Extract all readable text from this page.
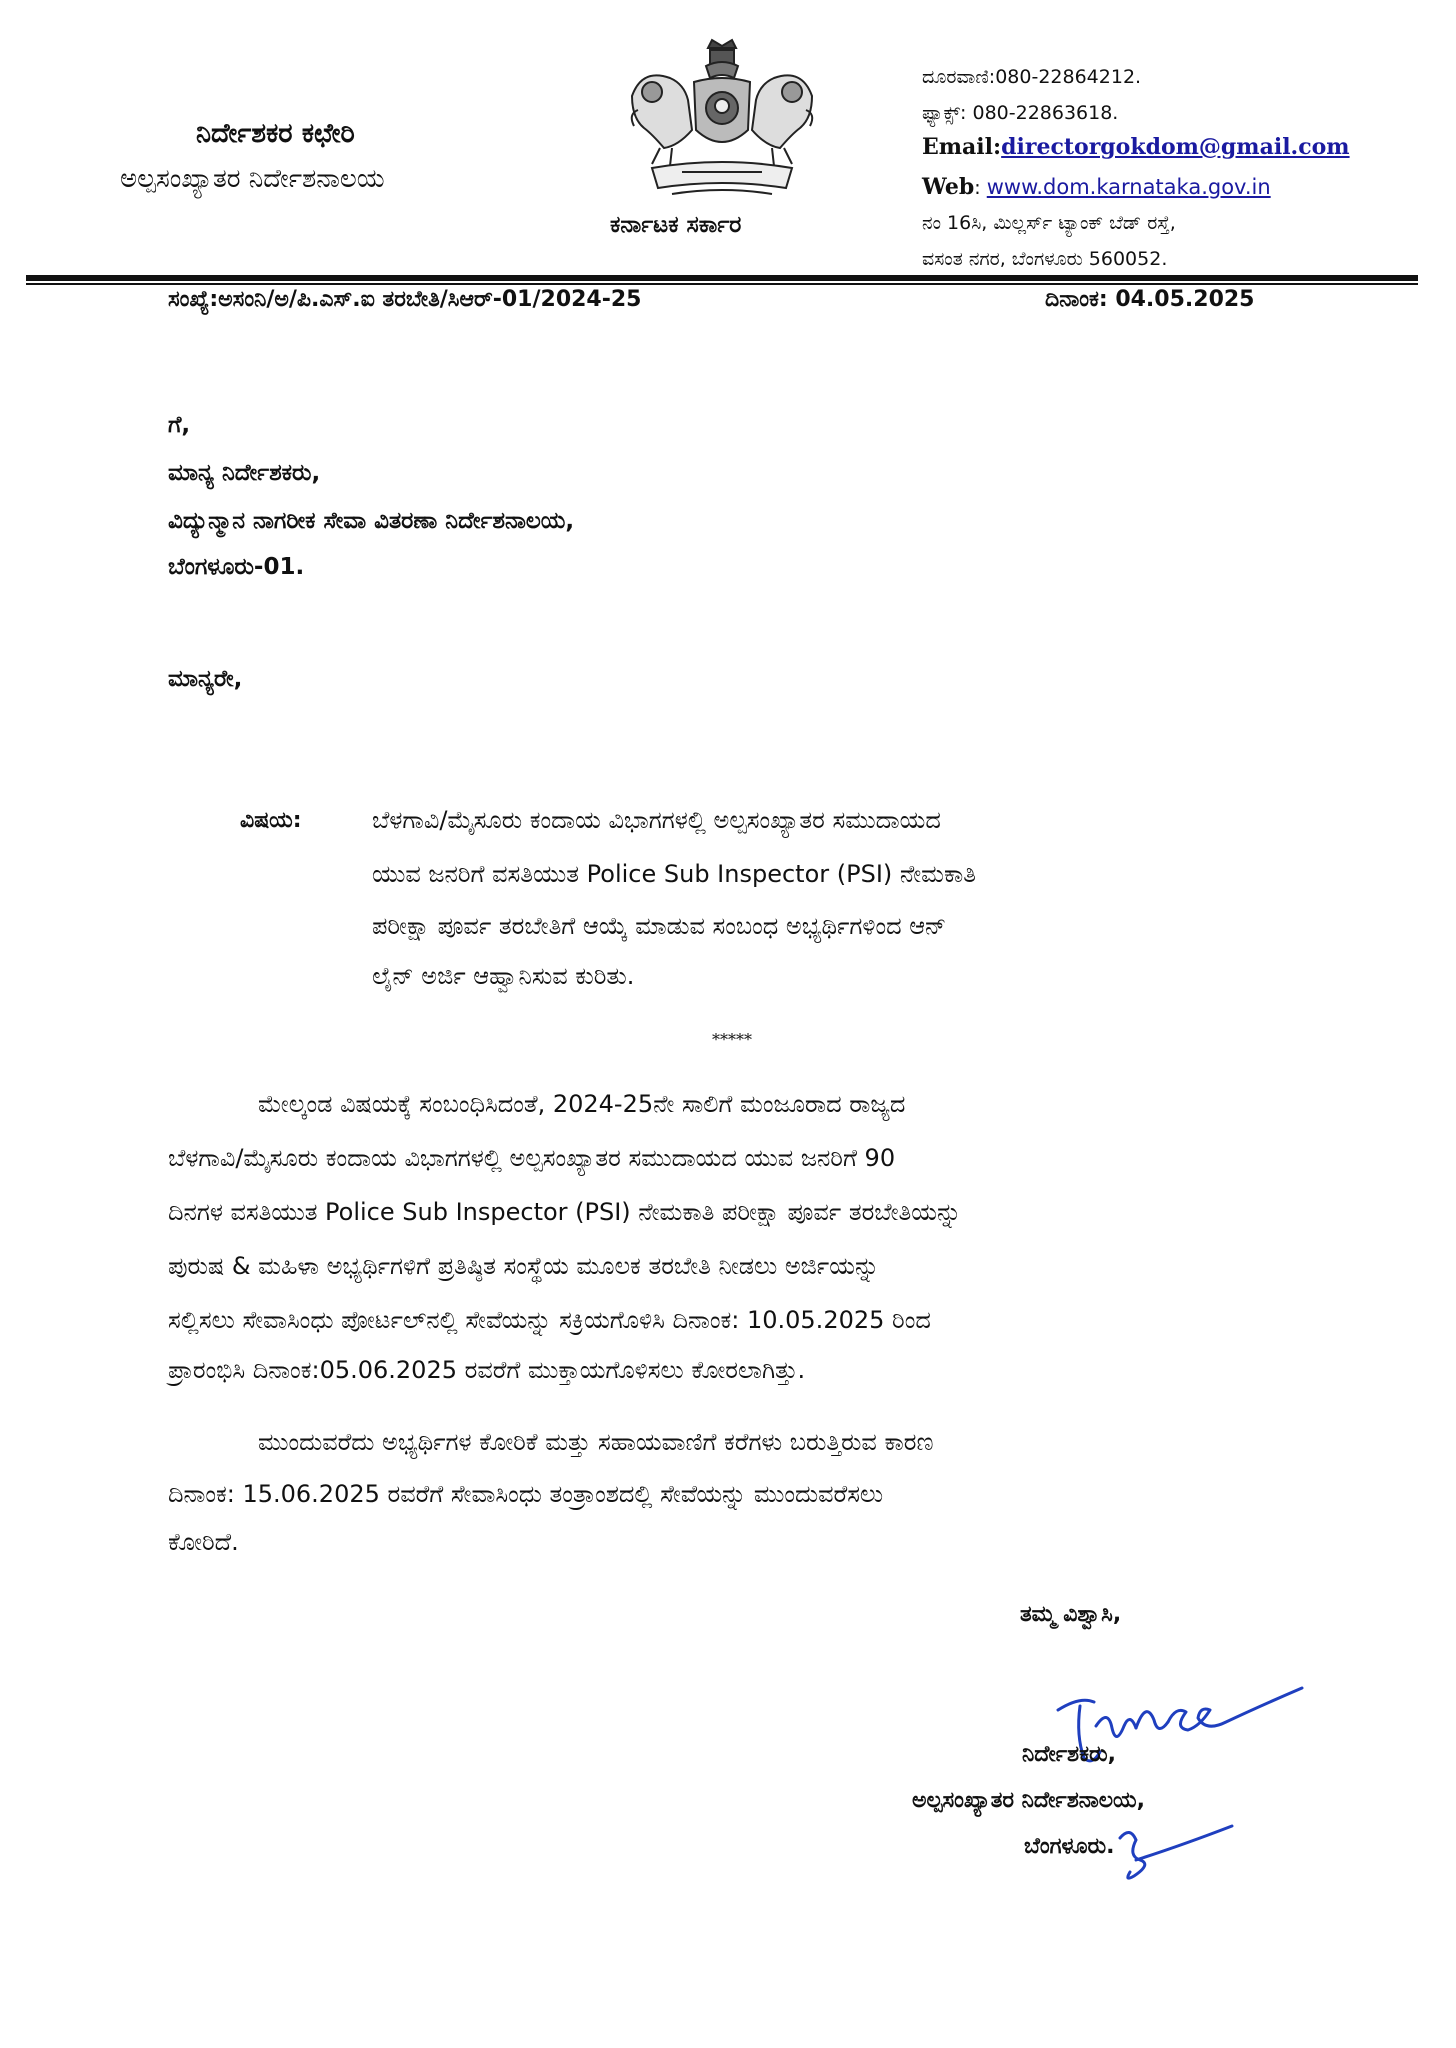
ನಿರ್ದೇಶಕರ ಕಛೇರಿ
ಅಲ್ಪಸಂಖ್ಯಾತರ ನಿರ್ದೇಶನಾಲಯ
ಕರ್ನಾಟಕ ಸರ್ಕಾರ
ದೂರವಾಣಿ:080-22864212.
ಫ್ಯಾಕ್ಸ್: 080-22863618.
Email:directorgokdom@gmail.com
Web: www.dom.karnataka.gov.in
ನಂ 16ಸಿ, ಮಿಲ್ಲರ್ಸ್ ಟ್ಯಾಂಕ್ ಬೆಡ್ ರಸ್ತೆ,
ವಸಂತ ನಗರ, ಬೆಂಗಳೂರು 560052.
ಸಂಖ್ಯೆ:ಅಸಂನಿ/ಅ/ಪಿ.ಎಸ್.ಐ ತರಬೇತಿ/ಸಿಆರ್-01/2024-25	ದಿನಾಂಕ: 04.05.2025
ಗೆ,
ಮಾನ್ಯ ನಿರ್ದೇಶಕರು,
ವಿದ್ಯುನ್ಮಾನ ನಾಗರೀಕ ಸೇವಾ ವಿತರಣಾ ನಿರ್ದೇಶನಾಲಯ,
ಬೆಂಗಳೂರು-01.
ಮಾನ್ಯರೇ,
ವಿಷಯ:	ಬೆಳಗಾವಿ/ಮೈಸೂರು ಕಂದಾಯ ವಿಭಾಗಗಳಲ್ಲಿ ಅಲ್ಪಸಂಖ್ಯಾತರ ಸಮುದಾಯದ
ಯುವ ಜನರಿಗೆ ವಸತಿಯುತ Police Sub Inspector (PSI) ನೇಮಕಾತಿ
ಪರೀಕ್ಷಾ ಪೂರ್ವ ತರಬೇತಿಗೆ ಆಯ್ಕೆ ಮಾಡುವ ಸಂಬಂಧ ಅಭ್ಯರ್ಥಿಗಳಿಂದ ಆನ್
ಲೈನ್ ಅರ್ಜಿ ಆಹ್ವಾನಿಸುವ ಕುರಿತು.
*****
ಮೇಲ್ಕಂಡ ವಿಷಯಕ್ಕೆ ಸಂಬಂಧಿಸಿದಂತೆ, 2024-25ನೇ ಸಾಲಿಗೆ ಮಂಜೂರಾದ ರಾಜ್ಯದ
ಬೆಳಗಾವಿ/ಮೈಸೂರು ಕಂದಾಯ ವಿಭಾಗಗಳಲ್ಲಿ ಅಲ್ಪಸಂಖ್ಯಾತರ ಸಮುದಾಯದ ಯುವ ಜನರಿಗೆ 90
ದಿನಗಳ ವಸತಿಯುತ Police Sub Inspector (PSI) ನೇಮಕಾತಿ ಪರೀಕ್ಷಾ ಪೂರ್ವ ತರಬೇತಿಯನ್ನು
ಪುರುಷ & ಮಹಿಳಾ ಅಭ್ಯರ್ಥಿಗಳಿಗೆ ಪ್ರತಿಷ್ಠಿತ ಸಂಸ್ಥೆಯ ಮೂಲಕ ತರಬೇತಿ ನೀಡಲು ಅರ್ಜಿಯನ್ನು
ಸಲ್ಲಿಸಲು ಸೇವಾಸಿಂಧು ಪೋರ್ಟಲ್‌ನಲ್ಲಿ ಸೇವೆಯನ್ನು ಸಕ್ರಿಯಗೊಳಿಸಿ ದಿನಾಂಕ: 10.05.2025 ರಿಂದ
ಪ್ರಾರಂಭಿಸಿ ದಿನಾಂಕ:05.06.2025 ರವರೆಗೆ ಮುಕ್ತಾಯಗೊಳಿಸಲು ಕೋರಲಾಗಿತ್ತು.
ಮುಂದುವರೆದು ಅಭ್ಯರ್ಥಿಗಳ ಕೋರಿಕೆ ಮತ್ತು ಸಹಾಯವಾಣಿಗೆ ಕರೆಗಳು ಬರುತ್ತಿರುವ ಕಾರಣ
ದಿನಾಂಕ: 15.06.2025 ರವರೆಗೆ ಸೇವಾಸಿಂಧು ತಂತ್ರಾಂಶದಲ್ಲಿ ಸೇವೆಯನ್ನು ಮುಂದುವರೆಸಲು
ಕೋರಿದೆ.
ತಮ್ಮ ವಿಶ್ವಾಸಿ,
ನಿರ್ದೇಶಕರು,
ಅಲ್ಪಸಂಖ್ಯಾತರ ನಿರ್ದೇಶನಾಲಯ,
ಬೆಂಗಳೂರು.
